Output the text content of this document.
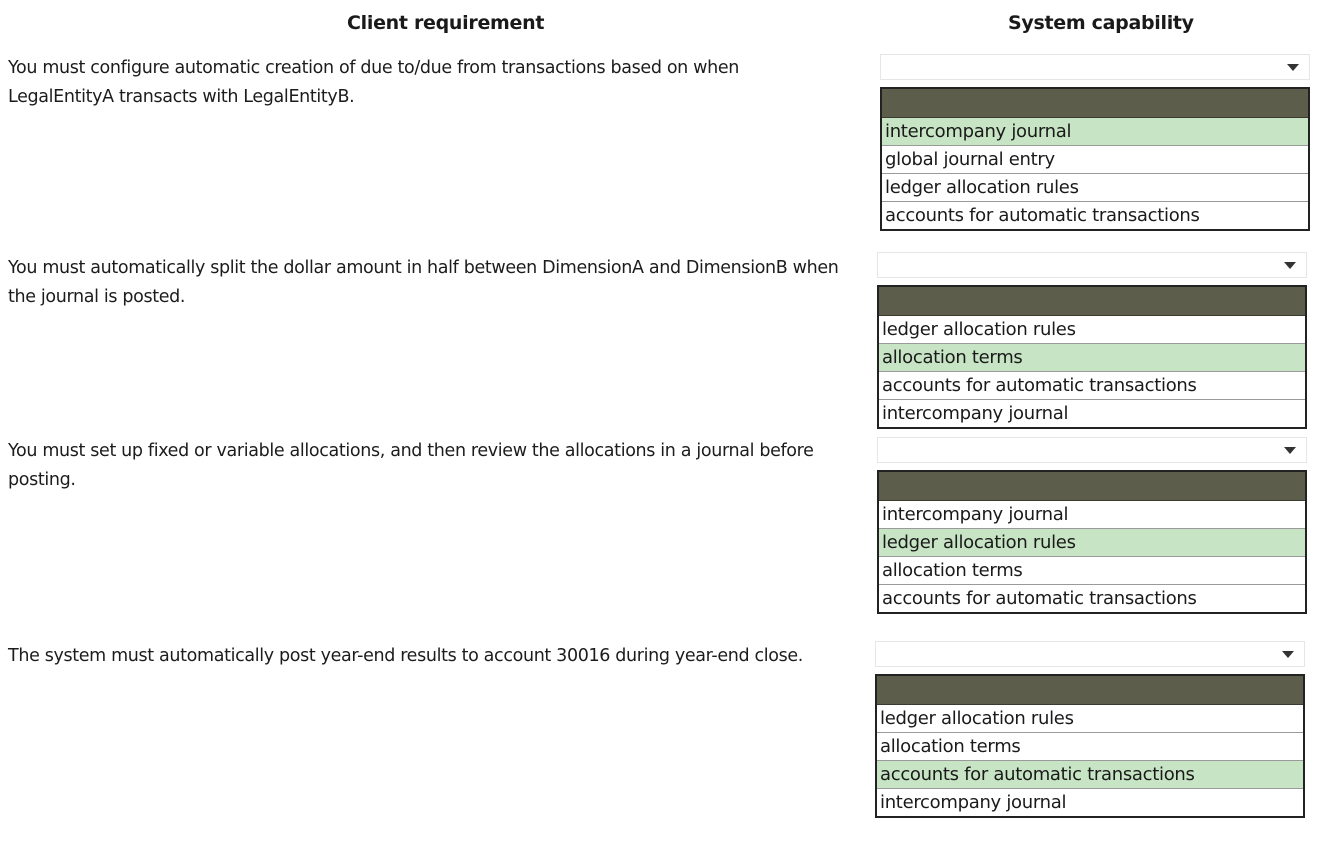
Client requirement	System capability
You must configure automatic creation of due to/due from transactions based on when LegalEntityA transacts with LegalEntityB.
intercompany journal
global journal entry
ledger allocation rules
accounts for automatic transactions
You must automatically split the dollar amount in half between DimensionA and DimensionB when the journal is posted.
ledger allocation rules
allocation terms
accounts for automatic transactions
intercompany journal
You must set up fixed or variable allocations, and then review the allocations in a journal before posting.
intercompany journal
ledger allocation rules
allocation terms
accounts for automatic transactions
The system must automatically post year-end results to account 30016 during year-end close.
ledger allocation rules
allocation terms
accounts for automatic transactions
intercompany journal
